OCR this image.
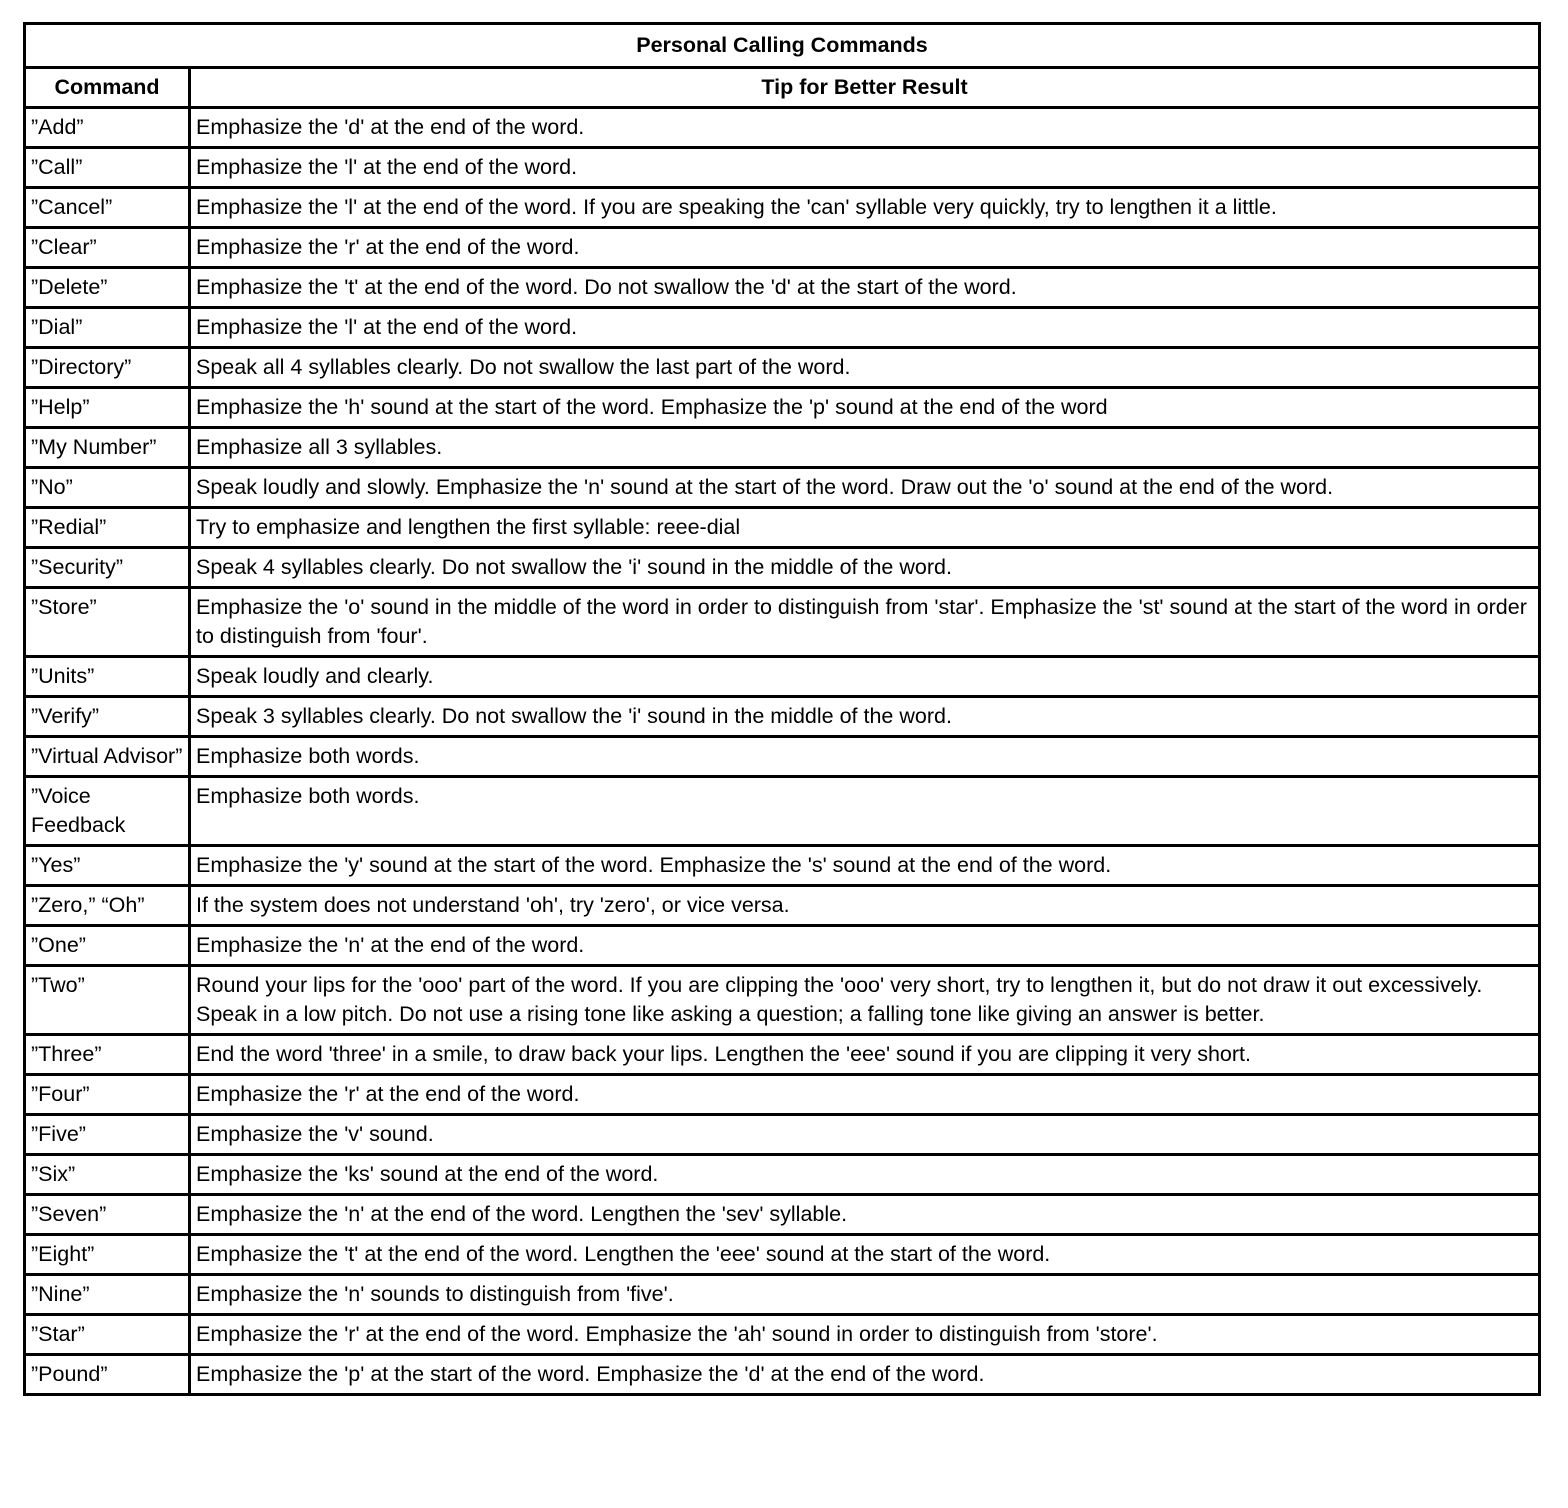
Personal Calling Commands	
Command	Tip for Better Result
”Add”	Emphasize the 'd' at the end of the word.
”Call”	Emphasize the 'l' at the end of the word.
”Cancel”	Emphasize the 'l' at the end of the word. If you are speaking the 'can' syllable very quickly, try to lengthen it a little.
”Clear”	Emphasize the 'r' at the end of the word.
”Delete”	Emphasize the 't' at the end of the word. Do not swallow the 'd' at the start of the word.
”Dial”	Emphasize the 'l' at the end of the word.
”Directory”	Speak all 4 syllables clearly. Do not swallow the last part of the word.
”Help”	Emphasize the 'h' sound at the start of the word. Emphasize the 'p' sound at the end of the word
”My Number”	Emphasize all 3 syllables.
”No”	Speak loudly and slowly. Emphasize the 'n' sound at the start of the word. Draw out the 'o' sound at the end of the word.
”Redial”	Try to emphasize and lengthen the first syllable: reee-dial
”Security”	Speak 4 syllables clearly. Do not swallow the 'i' sound in the middle of the word.
”Store”	Emphasize the 'o' sound in the middle of the word in order to distinguish from 'star'. Emphasize the 'st' sound at the start of the word in order to distinguish from 'four'.
”Units”	Speak loudly and clearly.
”Verify”	Speak 3 syllables clearly. Do not swallow the 'i' sound in the middle of the word.
”Virtual Advisor”	Emphasize both words.
”Voice Feedback	Emphasize both words.
”Yes”	Emphasize the 'y' sound at the start of the word. Emphasize the 's' sound at the end of the word.
”Zero,” “Oh”	If the system does not understand 'oh', try 'zero', or vice versa.
”One”	Emphasize the 'n' at the end of the word.
”Two”	Round your lips for the 'ooo' part of the word. If you are clipping the 'ooo' very short, try to lengthen it, but do not draw it out excessively. Speak in a low pitch. Do not use a rising tone like asking a question; a falling tone like giving an answer is better.
”Three”	End the word 'three' in a smile, to draw back your lips. Lengthen the 'eee' sound if you are clipping it very short.
”Four”	Emphasize the 'r' at the end of the word.
”Five”	Emphasize the 'v' sound.
”Six”	Emphasize the 'ks' sound at the end of the word.
”Seven”	Emphasize the 'n' at the end of the word. Lengthen the 'sev' syllable.
”Eight”	Emphasize the 't' at the end of the word. Lengthen the 'eee' sound at the start of the word.
”Nine”	Emphasize the 'n' sounds to distinguish from 'five'.
”Star”	Emphasize the 'r' at the end of the word. Emphasize the 'ah' sound in order to distinguish from 'store'.
”Pound”	Emphasize the 'p' at the start of the word. Emphasize the 'd' at the end of the word.
